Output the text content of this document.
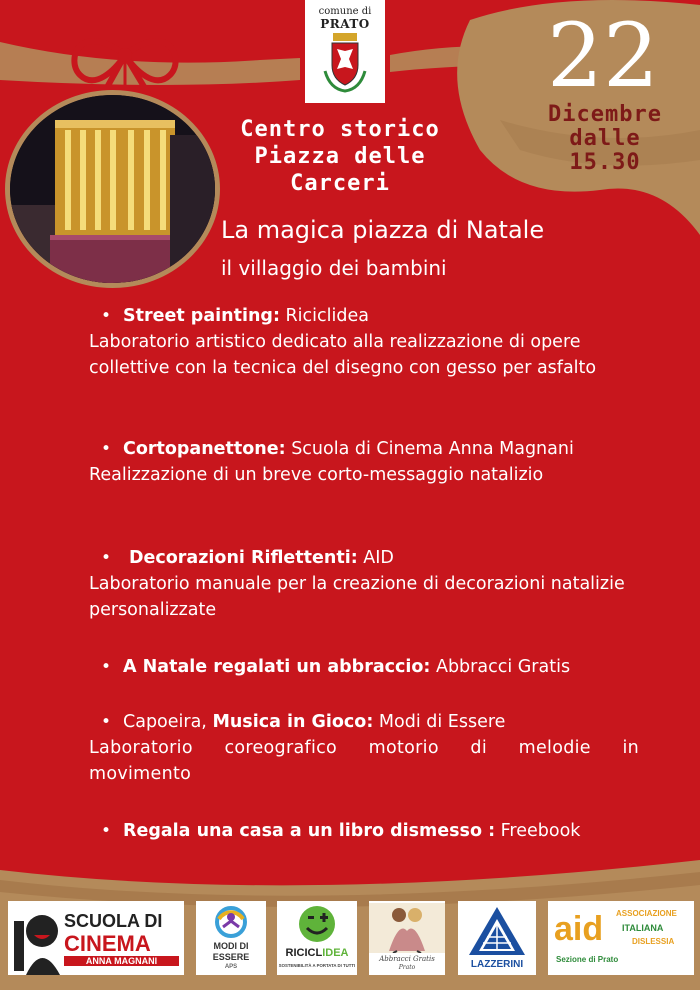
comune di
PRATO 22
Dicembre
dalle
15.30
Centro storico
Piazza delle
Carceri
La magica piazza di Natale
il villaggio dei bambini
• Street painting: Riciclidea
Laboratorio artistico dedicato alla realizzazione di opere collettive con la tecnica del disegno con gesso per asfalto
• Cortopanettone: Scuola di Cinema Anna Magnani
Realizzazione di un breve corto-messaggio natalizio
• Decorazioni Riflettenti: AID
Laboratorio manuale per la creazione di decorazioni natalizie personalizzate
• A Natale regalati un abbraccio: Abbracci Gratis
• Capoeira, Musica in Gioco: Modi di Essere
Laboratorio coreografico motorio di melodie in movimento
• Regala una casa a un libro dismesso : Freebook
SCUOLA DI
CINEMA
ANNA MAGNANI
MODI DI
ESSERE
APS
RICICLIDEA
SOSTENIBILITÀ A PORTATA DI TUTTI
Abbracci Gratis
Prato	LAZZERINI
aid ASSOCIAZIONE
ITALIANA
DISLESSIA
Sezione di Prato
